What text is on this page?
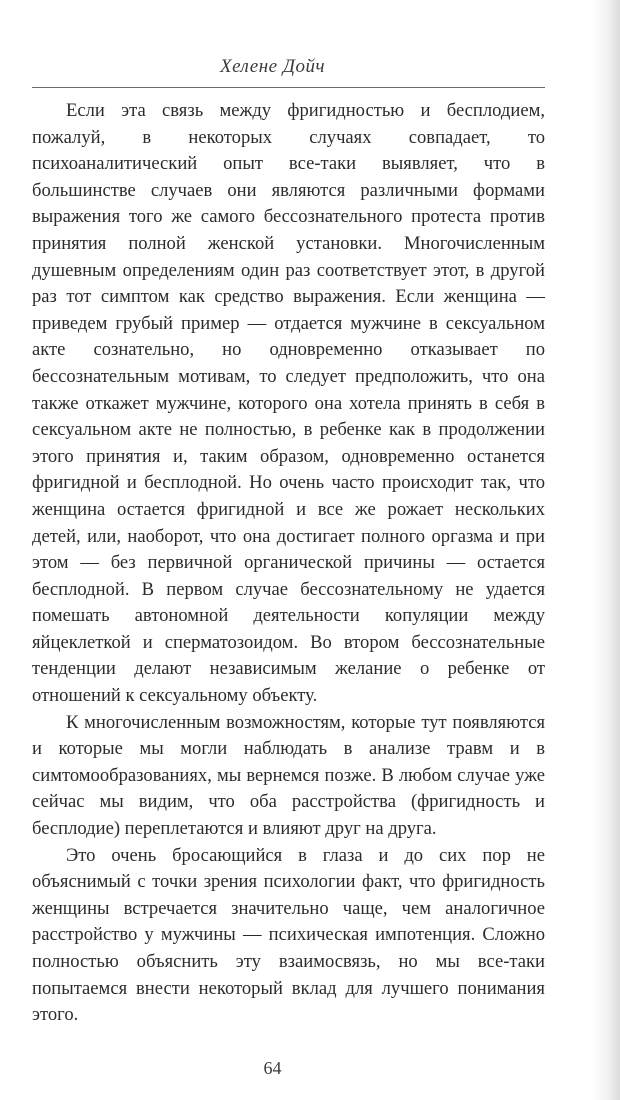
Хелене Дойч

Если эта связь между фригидностью и бесплодием, пожалуй, в некоторых случаях совпадает, то психоаналитический опыт все-таки выявляет, что в большинстве случаев они являются различными формами выражения того же самого бессознательного протеста против принятия полной женской установки. Многочисленным душевным определениям один раз соответствует этот, в другой раз тот симптом как средство выражения. Если женщина — приведем грубый пример — отдается мужчине в сексуальном акте сознательно, но одновременно отказывает по бессознательным мотивам, то следует предположить, что она также откажет мужчине, которого она хотела принять в себя в сексуальном акте не полностью, в ребенке как в продолжении этого принятия и, таким образом, одновременно останется фригидной и бесплодной. Но очень часто происходит так, что женщина остается фригидной и все же рожает нескольких детей, или, наоборот, что она достигает полного оргазма и при этом — без первичной органической причины — остается бесплодной. В первом случае бессознательному не удается помешать автономной деятельности копуляции между яйцеклеткой и сперматозоидом. Во втором бессознательные тенденции делают независимым желание о ребенке от отношений к сексуальному объекту.

К многочисленным возможностям, которые тут появляются и которые мы могли наблюдать в анализе травм и в симтомообразованиях, мы вернемся позже. В любом случае уже сейчас мы видим, что оба расстройства (фригидность и бесплодие) переплетаются и влияют друг на друга.

Это очень бросающийся в глаза и до сих пор не объяснимый с точки зрения психологии факт, что фригидность женщины встречается значительно чаще, чем аналогичное расстройство у мужчины — психическая импотенция. Сложно полностью объяснить эту взаимосвязь, но мы все-таки попытаемся внести некоторый вклад для лучшего понимания этого.

64
